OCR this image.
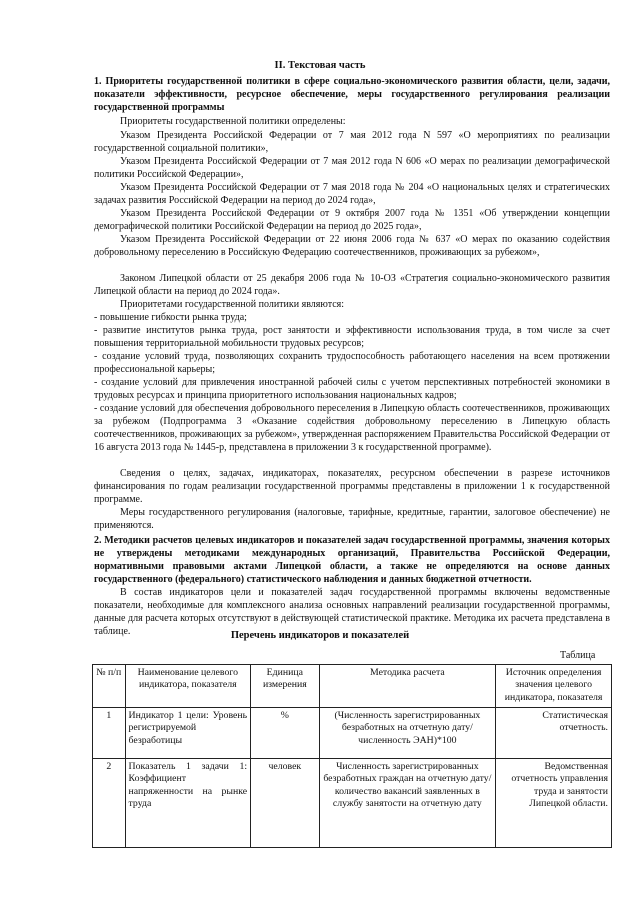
II. Текстовая часть

1. Приоритеты государственной политики в сфере социально-экономического развития области, цели, задачи, показатели эффективности, ресурсное обеспечение, меры государственного регулирования реализации государственной программы

Приоритеты государственной политики определены:

Указом Президента Российской Федерации от 7 мая 2012 года N 597 «О мероприятиях по реализации государственной социальной политики»,

Указом Президента Российской Федерации от 7 мая 2012 года N 606 «О мерах по реализации демографической политики Российской Федерации»,

Указом Президента Российской Федерации от 7 мая 2018 года № 204 «О национальных целях и стратегических задачах развития Российской Федерации на период до 2024 года»,

Указом Президента Российской Федерации от 9 октября 2007 года № 1351 «Об утверждении концепции демографической политики Российской Федерации на период до 2025 года»,

Указом Президента Российской Федерации от 22 июня 2006 года № 637 «О мерах по оказанию содействия добровольному переселению в Российскую Федерацию соотечественников, проживающих за рубежом»,

Законом Липецкой области от 25 декабря 2006 года № 10-ОЗ «Стратегия социально-экономического развития Липецкой области на период до 2024 года».

Приоритетами государственной политики являются:

- повышение гибкости рынка труда;

- развитие институтов рынка труда, рост занятости и эффективности использования труда, в том числе за счет повышения территориальной мобильности трудовых ресурсов;

- создание условий труда, позволяющих сохранить трудоспособность работающего населения на всем протяжении профессиональной карьеры;

- создание условий для привлечения иностранной рабочей силы с учетом перспективных потребностей экономики в трудовых ресурсах и принципа приоритетного использования национальных кадров;

- создание условий для обеспечения добровольного переселения в Липецкую область соотечественников, проживающих за рубежом (Подпрограмма 3 «Оказание содействия добровольному переселению в Липецкую область соотечественников, проживающих за рубежом», утвержденная распоряжением Правительства Российской Федерации от 16 августа 2013 года № 1445-р, представлена в приложении 3 к государственной программе).

Сведения о целях, задачах, индикаторах, показателях, ресурсном обеспечении в разрезе источников финансирования по годам реализации государственной программы представлены в приложении 1 к государственной программе.

Меры государственного регулирования (налоговые, тарифные, кредитные, гарантии, залоговое обеспечение) не применяются.

2. Методики расчетов целевых индикаторов и показателей задач государственной программы, значения которых не утверждены методиками международных организаций, Правительства Российской Федерации, нормативными правовыми актами Липецкой области, а также не определяются на основе данных государственного (федерального) статистического наблюдения и данных бюджетной отчетности.

В состав индикаторов цели и показателей задач государственной программы включены ведомственные показатели, необходимые для комплексного анализа основных направлений реализации государственной программы, данные для расчета которых отсутствуют в действующей статистической практике. Методика их расчета представлена в таблице.	Перечень индикаторов и показателей
Таблица
№ п/п	Наименование целевого индикатора, показателя	Единица измерения	Методика расчета	Источник определения значения целевого индикатора, показателя
1	Индикатор 1 цели: Уровень регистрируемой безработицы	%	(Численность зарегистрированных безработных на отчетную дату/ численность ЭАН)*100	Статистическая отчетность.
2	Показатель 1 задачи 1: Коэффициент напряженности на рынке труда	человек	Численность зарегистрированных безработных граждан на отчетную дату/количество вакансий заявленных в службу занятости на отчетную дату	Ведомственная отчетность управления труда и занятости Липецкой области.
